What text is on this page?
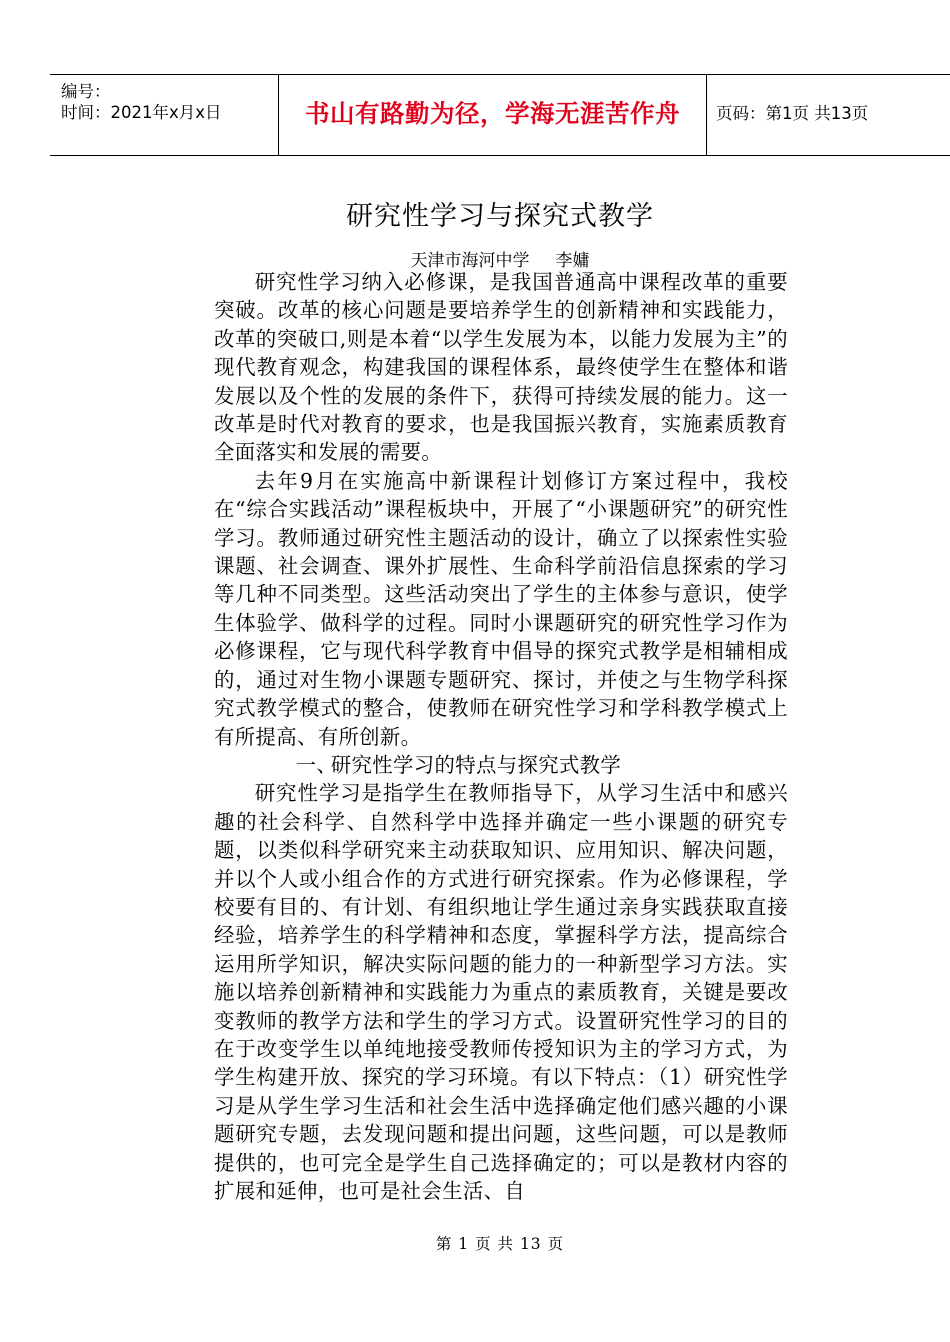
编号：
时间：2021年x月x日	书山有路勤为径，学海无涯苦作舟	页码：第1页 共13页
研究性学习与探究式教学
天津市海河中学 李嫞

研究性学习纳入必修课，是我国普通高中课程改革的重要突破。改革的核心问题是要培养学生的创新精神和实践能力，改革的突破口,则是本着“以学生发展为本，以能力发展为主”的现代教育观念，构建我国的课程体系，最终使学生在整体和谐发展以及个性的发展的条件下，获得可持续发展的能力。这一改革是时代对教育的要求，也是我国振兴教育，实施素质教育全面落实和发展的需要。

去年9月在实施高中新课程计划修订方案过程中，我校在“综合实践活动”课程板块中，开展了“小课题研究”的研究性学习。教师通过研究性主题活动的设计，确立了以探索性实验课题、社会调查、课外扩展性、生命科学前沿信息探索的学习等几种不同类型。这些活动突出了学生的主体参与意识，使学生体验学、做科学的过程。同时小课题研究的研究性学习作为必修课程，它与现代科学教育中倡导的探究式教学是相辅相成的，通过对生物小课题专题研究、探讨，并使之与生物学科探究式教学模式的整合，使教师在研究性学习和学科教学模式上有所提高、有所创新。

一、研究性学习的特点与探究式教学

研究性学习是指学生在教师指导下，从学习生活中和感兴趣的社会科学、自然科学中选择并确定一些小课题的研究专题，以类似科学研究来主动获取知识、应用知识、解决问题，并以个人或小组合作的方式进行研究探索。作为必修课程，学校要有目的、有计划、有组织地让学生通过亲身实践获取直接经验，培养学生的科学精神和态度，掌握科学方法，提高综合运用所学知识，解决实际问题的能力的一种新型学习方法。实施以培养创新精神和实践能力为重点的素质教育，关键是要改变教师的教学方法和学生的学习方式。设置研究性学习的目的在于改变学生以单纯地接受教师传授知识为主的学习方式，为学生构建开放、探究的学习环境。有以下特点：（1）研究性学习是从学生学习生活和社会生活中选择确定他们感兴趣的小课题研究专题，去发现问题和提出问题，这些问题，可以是教师提供的，也可完全是学生自己选择确定的；可以是教材内容的扩展和延伸，也可是社会生活、自

第 1 页 共 13 页
